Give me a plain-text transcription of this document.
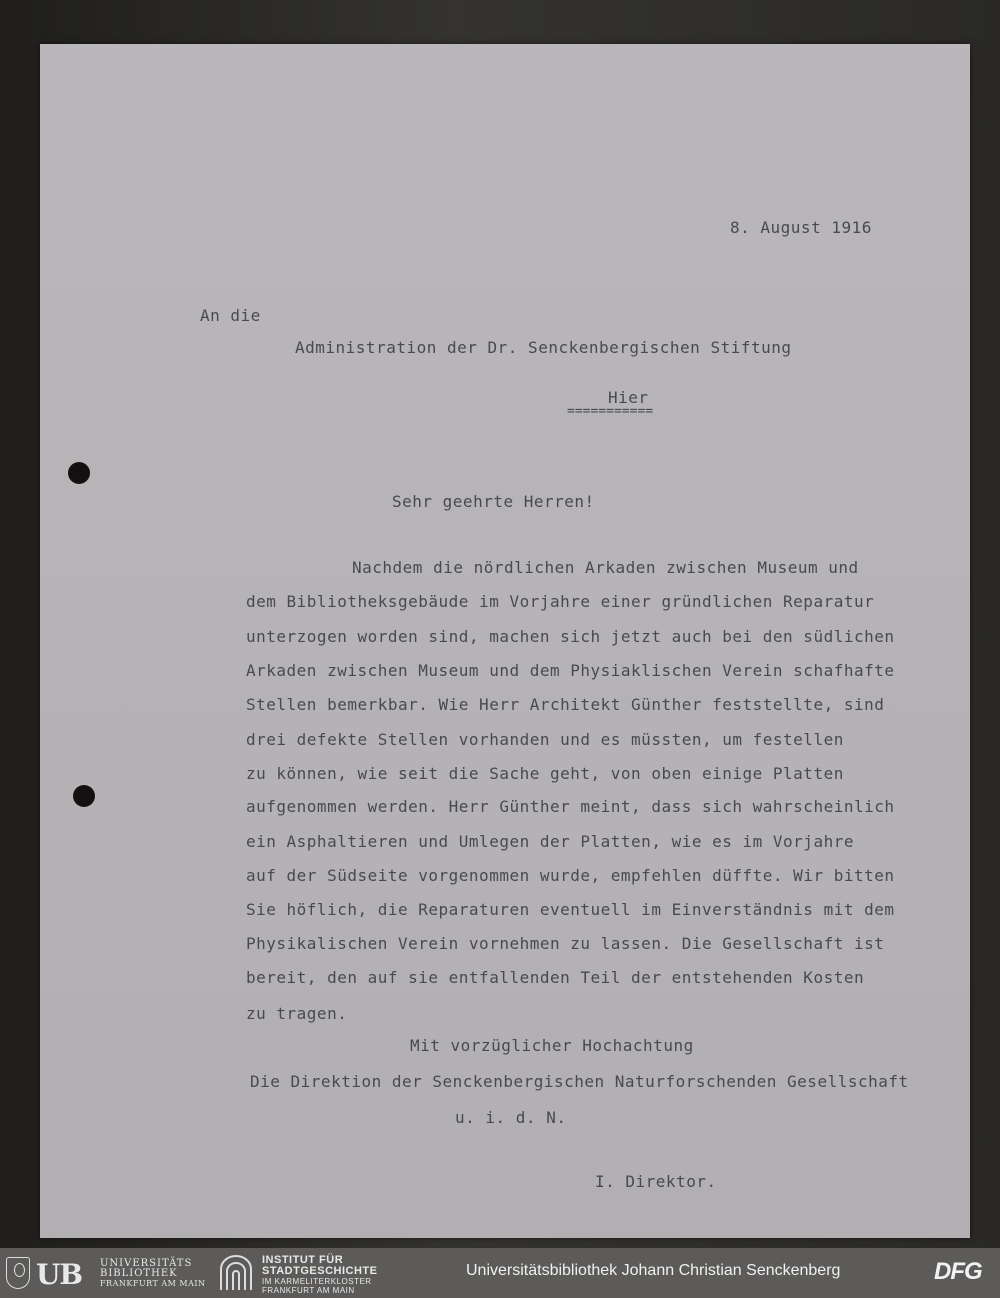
8. August 1916
An die
Administration der Dr. Senckenbergischen Stiftung
Hier
===========
Sehr geehrte Herren!
Nachdem die nördlichen Arkaden zwischen Museum und
dem Bibliotheksgebäude im Vorjahre einer gründlichen Reparatur
unterzogen worden sind, machen sich jetzt auch bei den südlichen
Arkaden zwischen Museum und dem Physiaklischen Verein schafhafte
Stellen bemerkbar. Wie Herr Architekt Günther feststellte, sind
drei defekte Stellen vorhanden und es müssten, um festellen
zu können, wie seit die Sache geht, von oben einige Platten
aufgenommen werden. Herr Günther meint, dass sich wahrscheinlich
ein Asphaltieren und Umlegen der Platten, wie es im Vorjahre
auf der Südseite vorgenommen wurde, empfehlen düffte. Wir bitten
Sie höflich, die Reparaturen eventuell im Einverständnis mit dem
Physikalischen Verein vornehmen zu lassen. Die Gesellschaft ist
bereit, den auf sie entfallenden Teil der entstehenden Kosten
zu tragen.
Mit vorzüglicher Hochachtung
Die Direktion der Senckenbergischen Naturforschenden Gesellschaft
u. i. d. N.
I. Direktor.
UB UNIVERSITÄTS
BIBLIOTHEK
FRANKFURT AM MAIN
INSTITUT FÜR
STADTGESCHICHTE
IM KARMELITERKLOSTER
FRANKFURT AM MAIN
Universitätsbibliothek Johann Christian Senckenberg	DFG
